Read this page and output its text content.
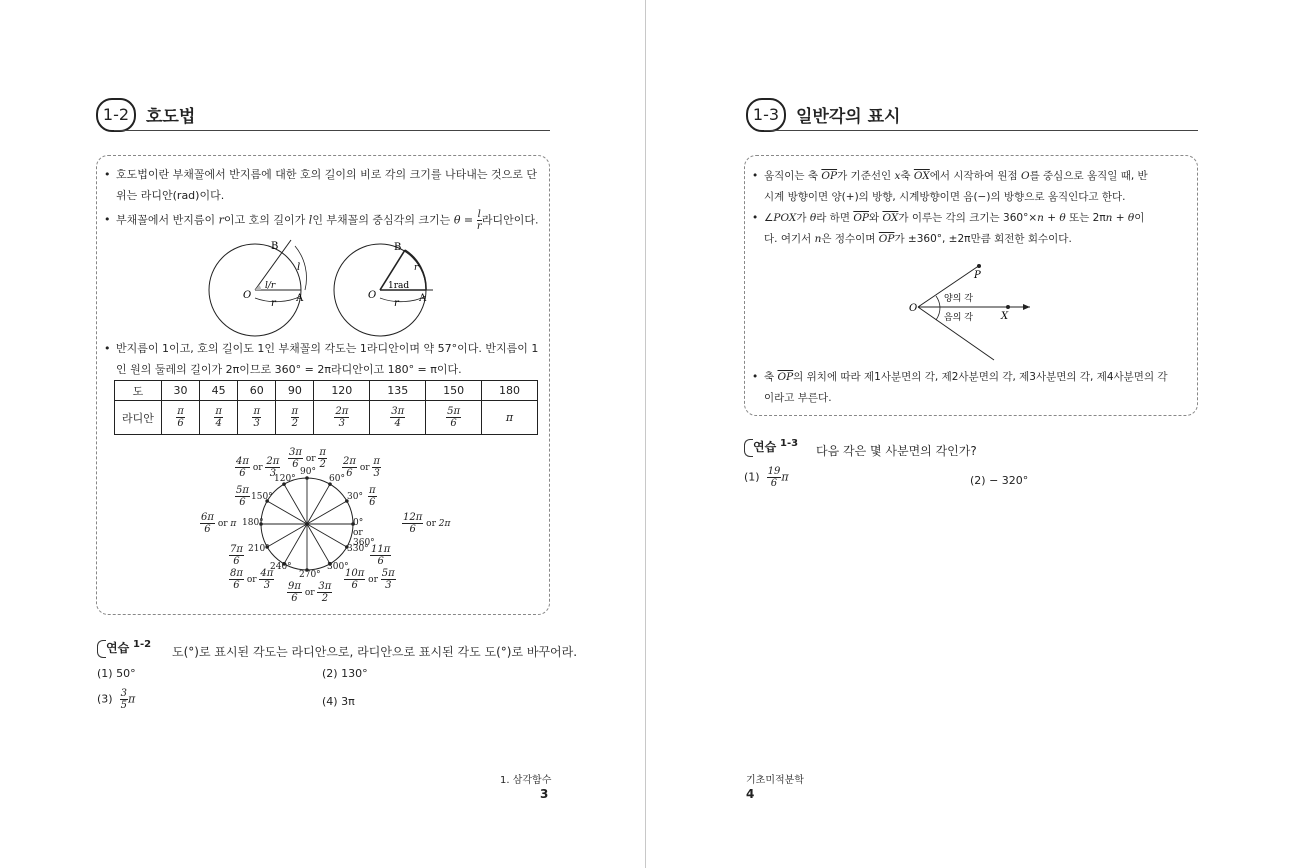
1-2 호도법
• 호도법이란 부채꼴에서 반지름에 대한 호의 길이의 비로 각의 크기를 나타내는 것으로 단
위는 라디안(rad)이다.
• 부채꼴에서 반지름이 r이고 호의 길이가 l인 부채꼴의 중심각의 크기는 $\theta = \frac{l}{r}$ 라디안이다.
B
l
l/r
O
r A
B
r
1rad
O
r A
• 반지름이 1이고, 호의 길이도 1인 부채꼴의 각도는 1라디안이며 약 57°이다. 반지름이 1
인 원의 둘레의 길이가 2π이므로 360° = 2π라디안이고 180° = π이다.
도	30	45	60	90	120	135	150	180
라디안	$\frac{\pi}{6}$	$\frac{\pi}{4}$	$\frac{\pi}{3}$	$\frac{\pi}{2}$	$\frac{2\pi}{3}$	$\frac{3\pi}{4}$	$\frac{5\pi}{6}$	π
0° or 360°
30°
60°
90°
120°
150°
180°
210°
240°
270°
300°
330°
$\frac{\pi}{6}$
$\frac{2\pi}{6}$ or $\frac{\pi}{3}$
$\frac{3\pi}{6}$ or $\frac{\pi}{2}$
$\frac{4\pi}{6}$ or $\frac{2\pi}{3}$
$\frac{5\pi}{6}$
$\frac{6\pi}{6}$ or π	$\frac{12\pi}{6}$ or 2π
$\frac{7\pi}{6}$
$\frac{8\pi}{6}$ or $\frac{4\pi}{3}$
$\frac{9\pi}{6}$ or $\frac{3\pi}{2}$
$\frac{10\pi}{6}$ or $\frac{5\pi}{3}$
$\frac{11\pi}{6}$
연습 1-2
도(°)로 표시된 각도는 라디안으로, 라디안으로 표시된 각도 도(°)로 바꾸어라.
(1) 50°	(2) 130°
$(3) \frac{3}{5}$ π	(4) 3π
1. 삼각함수
3
1-3 일반각의 표시
• 움직이는 축 $\overline{OP}$가 기준선인 x축 $\overline{OX}$에서 시작하여 원점 O를 중심으로 움직일 때, 반
시계 방향이면 양(+)의 방향, 시계방향이면 음(−)의 방향으로 움직인다고 한다.
• ∠POX가 θ라 하면 $\overline{OP}$와 $\overline{OX}$가 이루는 각의 크기는 360°×n + θ 또는 2πn + θ이
다. 여기서 n은 정수이며 $\overline{OP}$가 ±360°, ±2π만큼 회전한 회수이다.
O
P
X
양의 각
음의 각
• 축 $\overline{OP}$의 위치에 따라 제1사분면의 각, 제2사분면의 각, 제3사분면의 각, 제4사분면의 각
이라고 부른다.
연습 1-3
다음 각은 몇 사분면의 각인가?
$(1) \frac{19}{6}$ π	(2) − 320°
기초미적분학
4
